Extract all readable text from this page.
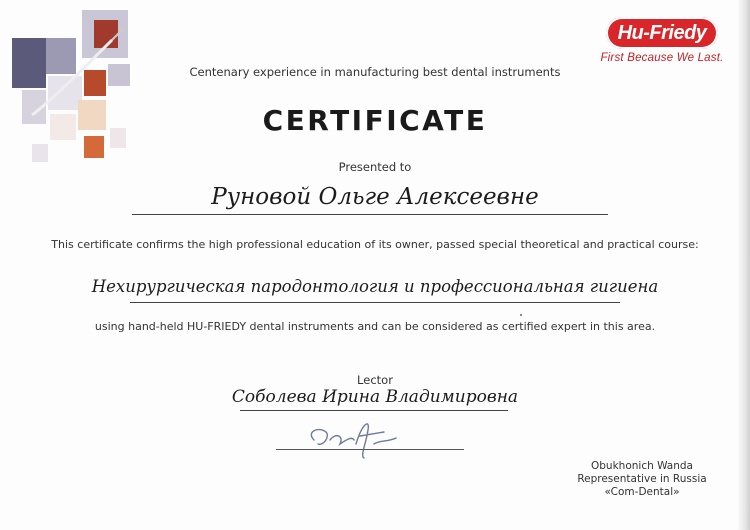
Hu-Friedy
First Because We Last.
Centenary experience in manufacturing best dental instruments
CERTIFICATE
Presented to
Руновой Ольге Алексеевне
This certificate confirms the high professional education of its owner, passed special theoretical and practical course:
Нехирургическая пародонтология и профессиональная гигиена
using hand-held HU-FRIEDY dental instruments and can be considered as certified expert in this area.
Lector
Соболева Ирина Владимировна
Obukhonich Wanda
Representative in Russia
«Com-Dental»
